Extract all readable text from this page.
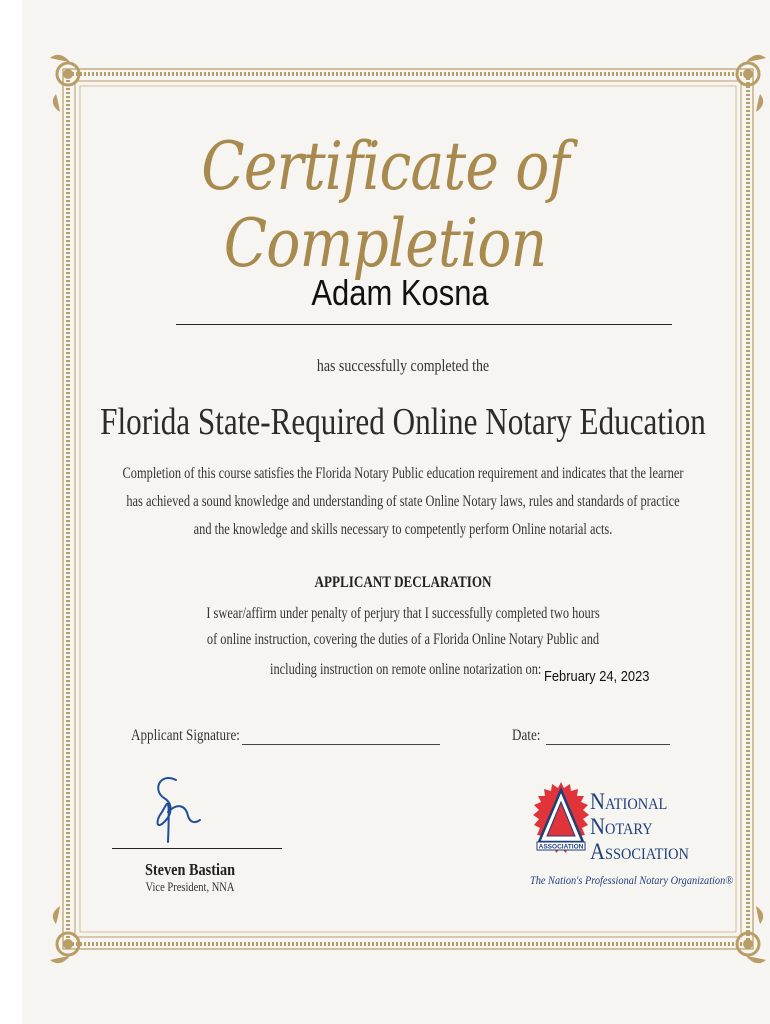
Certificate of Completion
Adam Kosna
has successfully completed the
Florida State-Required Online Notary Education
Completion of this course satisfies the Florida Notary Public education requirement and indicates that the learner
has achieved a sound knowledge and understanding of state Online Notary laws, rules and standards of practice
and the knowledge and skills necessary to competently perform Online notarial acts.
APPLICANT DECLARATION
I swear/affirm under penalty of perjury that I successfully completed two hours
of online instruction, covering the duties of a Florida Online Notary Public and
including instruction on remote online notarization on: February 24, 2023
Applicant Signature:	Date:
Steven Bastian
Vice President, NNA
ASSOCIATION
National
Notary
Association
The Nation's Professional Notary Organization®
